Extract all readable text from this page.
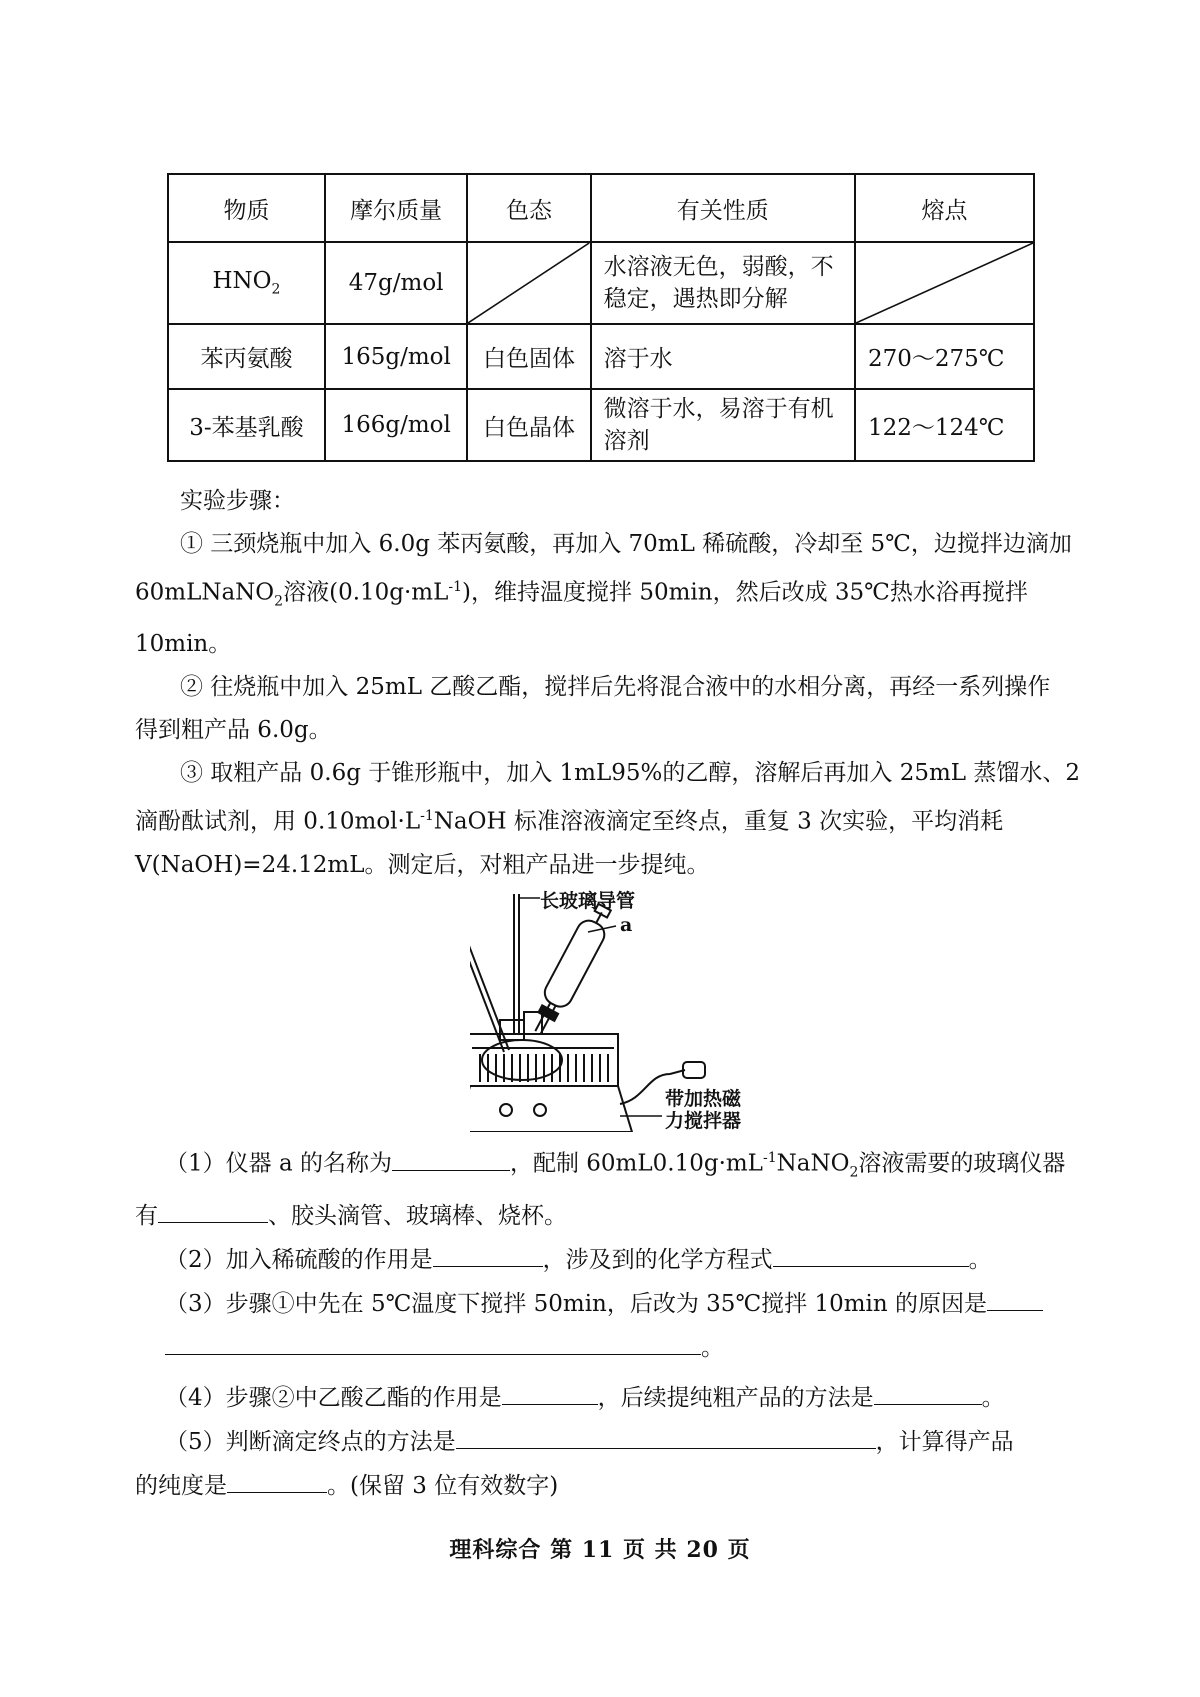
物质	摩尔质量	色态	有关性质	熔点
$HNO_2$	47g/mol		水溶液无色，弱酸，不稳定，遇热即分解	

苯丙氨酸	165g/mol	白色固体	溶于水	270～275℃
3-苯基乳酸	166g/mol	白色晶体	微溶于水，易溶于有机溶剂	122～124℃
实验步骤：
① 三颈烧瓶中加入 6.0g 苯丙氨酸，再加入 70mL 稀硫酸，冷却至 5℃，边搅拌边滴加
60mLNaNO$_2$溶液$(0.10g\cdot mL^{-1})$，维持温度搅拌 50min，然后改成 35℃热水浴再搅拌
10min。
② 往烧瓶中加入 25mL 乙酸乙酯，搅拌后先将混合液中的水相分离，再经一系列操作
得到粗产品 6.0g。
③ 取粗产品 0.6g 于锥形瓶中，加入 1mL95%的乙醇，溶解后再加入 25mL 蒸馏水、2
滴酚酞试剂，用 $0.10mol\cdot L^{-1}NaOH$ 标准溶液滴定至终点，重复 3 次实验，平均消耗
V(NaOH)=24.12mL。测定后，对粗产品进一步提纯。
长玻璃导管
a
带加热磁
力搅拌器
（1）仪器 a 的名称为	，配制 $60mL0.10g\cdot mL^{-1}NaNO_2$溶液需要的玻璃仪器
有	、胶头滴管、玻璃棒、烧杯。
（2）加入稀硫酸的作用是	，涉及到的化学方程式	。
（3）步骤①中先在 5℃温度下搅拌 50min，后改为 35℃搅拌 10min 的原因是
。
（4）步骤②中乙酸乙酯的作用是	，后续提纯粗产品的方法是	。
（5）判断滴定终点的方法是	，计算得产品
的纯度是	。(保留 3 位有效数字)
理科综合 第 11 页 共 20 页
